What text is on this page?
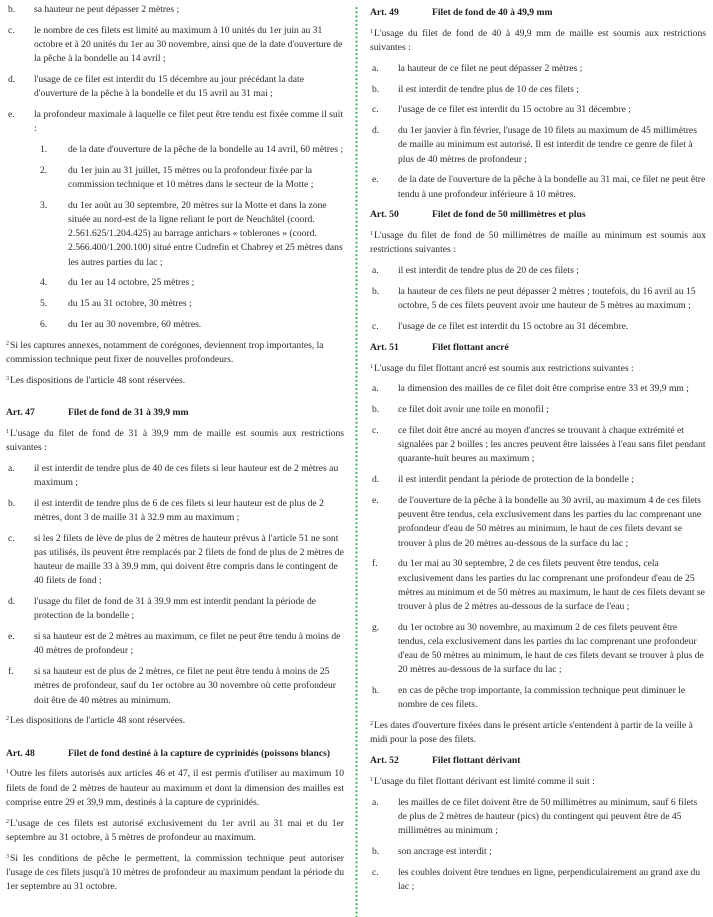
b.	sa hauteur ne peut dépasser 2 mètres ;
c.	le nombre de ces filets est limité au maximum à 10 unités du 1er juin au 31 octobre et à 20 unités du 1er au 30 novembre, ainsi que de la date d'ouverture de la pêche à la bondelle au 14 avril ;
d.	l'usage de ce filet est interdit du 15 décembre au jour précédant la date d'ouverture de la pêche à la bondelle et du 15 avril au 31 mai ;
e.	la profondeur maximale à laquelle ce filet peut être tendu est fixée comme il suit :
1.	de la date d'ouverture de la pêche de la bondelle au 14 avril, 60 mètres ;
2.	du 1er juin au 31 juillet, 15 mètres ou la profondeur fixée par la commission technique et 10 mètres dans le secteur de la Motte ;
3.	du 1er août au 30 septembre, 20 mètres sur la Motte et dans la zone située au nord-est de la ligne reliant le port de Neuchâtel (coord. 2.561.625/1.204.425) au barrage antichars « toblerones » (coord. 2.566.400/1.200.100) situé entre Cudrefin et Chabrey et 25 mètres dans les autres parties du lac ;
4.	du 1er au 14 octobre, 25 mètres ;
5.	du 15 au 31 octobre, 30 mètres ;
6.	du 1er au 30 novembre, 60 mètres.
$^2$Si les captures annexes, notamment de corégones, deviennent trop importantes, la commission technique peut fixer de nouvelles profondeurs.
$^3$Les dispositions de l'article 48 sont réservées.
Art. 47	Filet de fond de 31 à 39,9 mm
$^1$L'usage du filet de fond de 31 à 39,9 mm de maille est soumis aux restrictions suivantes :
a.	il est interdit de tendre plus de 40 de ces filets si leur hauteur est de 2 mètres au maximum ;
b.	il est interdit de tendre plus de 6 de ces filets si leur hauteur est de plus de 2 mètres, dont 3 de maille 31 à 32.9 mm au maximum ;
c.	si les 2 filets de lève de plus de 2 mètres de hauteur prévus à l'article 51 ne sont pas utilisés, ils peuvent être remplacés par 2 filets de fond de plus de 2 mètres de hauteur de maille 33 à 39.9 mm, qui doivent être compris dans le contingent de 40 filets de fond ;
d.	l'usage du filet de fond de 31 à 39.9 mm est interdit pendant la période de protection de la bondelle ;
e.	si sa hauteur est de 2 mètres au maximum, ce filet ne peut être tendu à moins de 40 mètres de profondeur ;
f.	si sa hauteur est de plus de 2 mètres, ce filet ne peut être tendu à moins de 25 mètres de profondeur, sauf du 1er octobre au 30 novembre où cette profondeur doit être de 40 mètres au minimum.
$^2$Les dispositions de l'article 48 sont réservées.
Art. 48	Filet de fond destiné à la capture de cyprinidés (poissons blancs)
$^1$Outre les filets autorisés aux articles 46 et 47, il est permis d'utiliser au maximum 10 filets de fond de 2 mètres de hauteur au maximum et dont la dimension des mailles est comprise entre 29 et 39,9 mm, destinés à la capture de cyprinidés.
$^2$L'usage de ces filets est autorisé exclusivement du 1er avril au 31 mai et du 1er septembre au 31 octobre, à 5 mètres de profondeur au maximum.
$^3$Si les conditions de pêche le permettent, la commission technique peut autoriser l'usage de ces filets jusqu'à 10 mètres de profondeur au maximum pendant la période du 1er septembre au 31 octobre.
Art. 49	Filet de fond de 40 à 49,9 mm
$^1$L'usage du filet de fond de 40 à 49,9 mm de maille est soumis aux restrictions suivantes :
a.	la hauteur de ce filet ne peut dépasser 2 mètres ;
b.	il est interdit de tendre plus de 10 de ces filets ;
c.	l'usage de ce filet est interdit du 15 octobre au 31 décembre ;
d.	du 1er janvier à fin février, l'usage de 10 filets au maximum de 45 millimètres de maille au minimum est autorisé. Il est interdit de tendre ce genre de filet à plus de 40 mètres de profondeur ;
e.	de la date de l'ouverture de la pêche à la bondelle au 31 mai, ce filet ne peut être tendu à une profondeur inférieure à 10 mètres.
Art. 50	Filet de fond de 50 millimètres et plus
$^1$L'usage du filet de fond de 50 millimètres de maille au minimum est soumis aux restrictions suivantes :
a.	il est interdit de tendre plus de 20 de ces filets ;
b.	la hauteur de ces filets ne peut dépasser 2 mètres ; toutefois, du 16 avril au 15 octobre, 5 de ces filets peuvent avoir une hauteur de 5 mètres au maximum ;
c.	l'usage de ce filet est interdit du 15 octobre au 31 décembre.
Art. 51	Filet flottant ancré
$^1$L'usage du filet flottant ancré est soumis aux restrictions suivantes :
a.	la dimension des mailles de ce filet doit être comprise entre 33 et 39,9 mm ;
b.	ce filet doit avoir une toile en monofil ;
c.	ce filet doit être ancré au moyen d'ancres se trouvant à chaque extrémité et signalées par 2 boilles ; les ancres peuvent être laissées à l'eau sans filet pendant quarante-huit heures au maximum ;
d.	il est interdit pendant la période de protection de la bondelle ;
e.	de l'ouverture de la pêche à la bondelle au 30 avril, au maximum 4 de ces filets peuvent être tendus, cela exclusivement dans les parties du lac comprenant une profondeur d'eau de 50 mètres au minimum, le haut de ces filets devant se trouver à plus de 20 mètres au-dessous de la surface du lac ;
f.	du 1er mai au 30 septembre, 2 de ces filets peuvent être tendus, cela exclusivement dans les parties du lac comprenant une profondeur d'eau de 25 mètres au minimum et de 50 mètres au maximum, le haut de ces filets devant se trouver à plus de 2 mètres au-dessous de la surface de l'eau ;
g.	du 1er octobre au 30 novembre, au maximum 2 de ces filets peuvent être tendus, cela exclusivement dans les parties du lac comprenant une profondeur d'eau de 50 mètres au minimum, le haut de ces filets devant se trouver à plus de 20 mètres au-dessous de la surface du lac ;
h.	en cas de pêche trop importante, la commission technique peut diminuer le nombre de ces filets.
$^2$Les dates d'ouverture fixées dans le présent article s'entendent à partir de la veille à midi pour la pose des filets.
Art. 52	Filet flottant dérivant
$^1$L'usage du filet flottant dérivant est limité comme il suit :
a.	les mailles de ce filet doivent être de 50 millimètres au minimum, sauf 6 filets de plus de 2 mètres de hauteur (pics) du contingent qui peuvent être de 45 millimètres au minimum ;
b.	son ancrage est interdit ;
c.	les coubles doivent être tendues en ligne, perpendiculairement au grand axe du lac ;
